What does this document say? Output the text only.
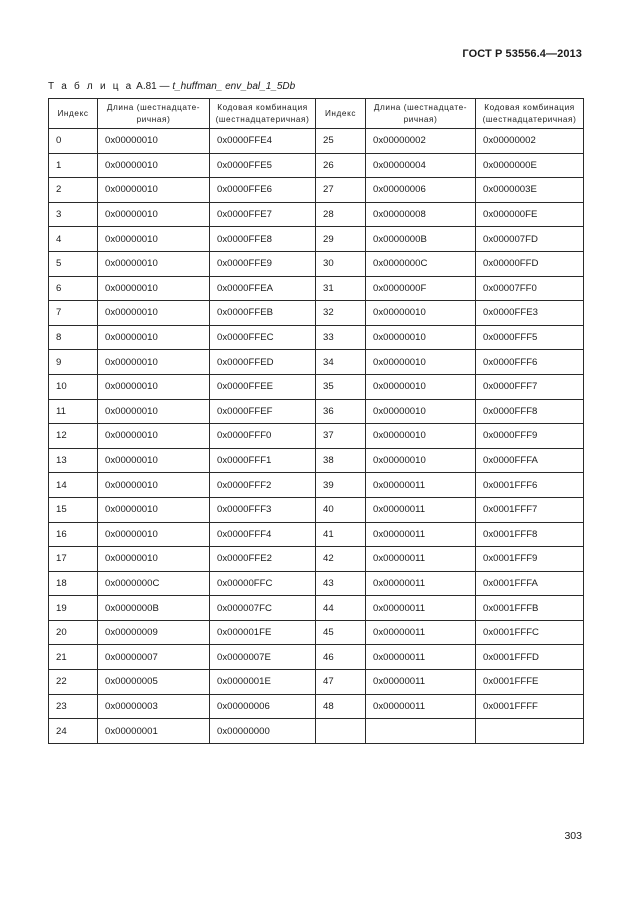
ГОСТ Р 53556.4—2013
Т а б л и ц а А.81 — t_huffman_ env_bal_1_5Db
Индекс	Длина (шестнадцате-ричная)	Кодовая комбинация (шестнадцатеричная)	Индекс	Длина (шестнадцате-ричная)	Кодовая комбинация (шестнадцатеричная)
0	0x00000010	0x0000FFE4	25	0x00000002	0x00000002
1	0x00000010	0x0000FFE5	26	0x00000004	0x0000000E
2	0x00000010	0x0000FFE6	27	0x00000006	0x0000003E
3	0x00000010	0x0000FFE7	28	0x00000008	0x000000FE
4	0x00000010	0x0000FFE8	29	0x0000000B	0x000007FD
5	0x00000010	0x0000FFE9	30	0x0000000C	0x00000FFD
6	0x00000010	0x0000FFEA	31	0x0000000F	0x00007FF0
7	0x00000010	0x0000FFEB	32	0x00000010	0x0000FFE3
8	0x00000010	0x0000FFEC	33	0x00000010	0x0000FFF5
9	0x00000010	0x0000FFED	34	0x00000010	0x0000FFF6
10	0x00000010	0x0000FFEE	35	0x00000010	0x0000FFF7
11	0x00000010	0x0000FFEF	36	0x00000010	0x0000FFF8
12	0x00000010	0x0000FFF0	37	0x00000010	0x0000FFF9
13	0x00000010	0x0000FFF1	38	0x00000010	0x0000FFFA
14	0x00000010	0x0000FFF2	39	0x00000011	0x0001FFF6
15	0x00000010	0x0000FFF3	40	0x00000011	0x0001FFF7
16	0x00000010	0x0000FFF4	41	0x00000011	0x0001FFF8
17	0x00000010	0x0000FFE2	42	0x00000011	0x0001FFF9
18	0x0000000C	0x00000FFC	43	0x00000011	0x0001FFFA
19	0x0000000B	0x000007FC	44	0x00000011	0x0001FFFB
20	0x00000009	0x000001FE	45	0x00000011	0x0001FFFC
21	0x00000007	0x0000007E	46	0x00000011	0x0001FFFD
22	0x00000005	0x0000001E	47	0x00000011	0x0001FFFE
23	0x00000003	0x00000006	48	0x00000011	0x0001FFFF
24	0x00000001	0x00000000			
303
